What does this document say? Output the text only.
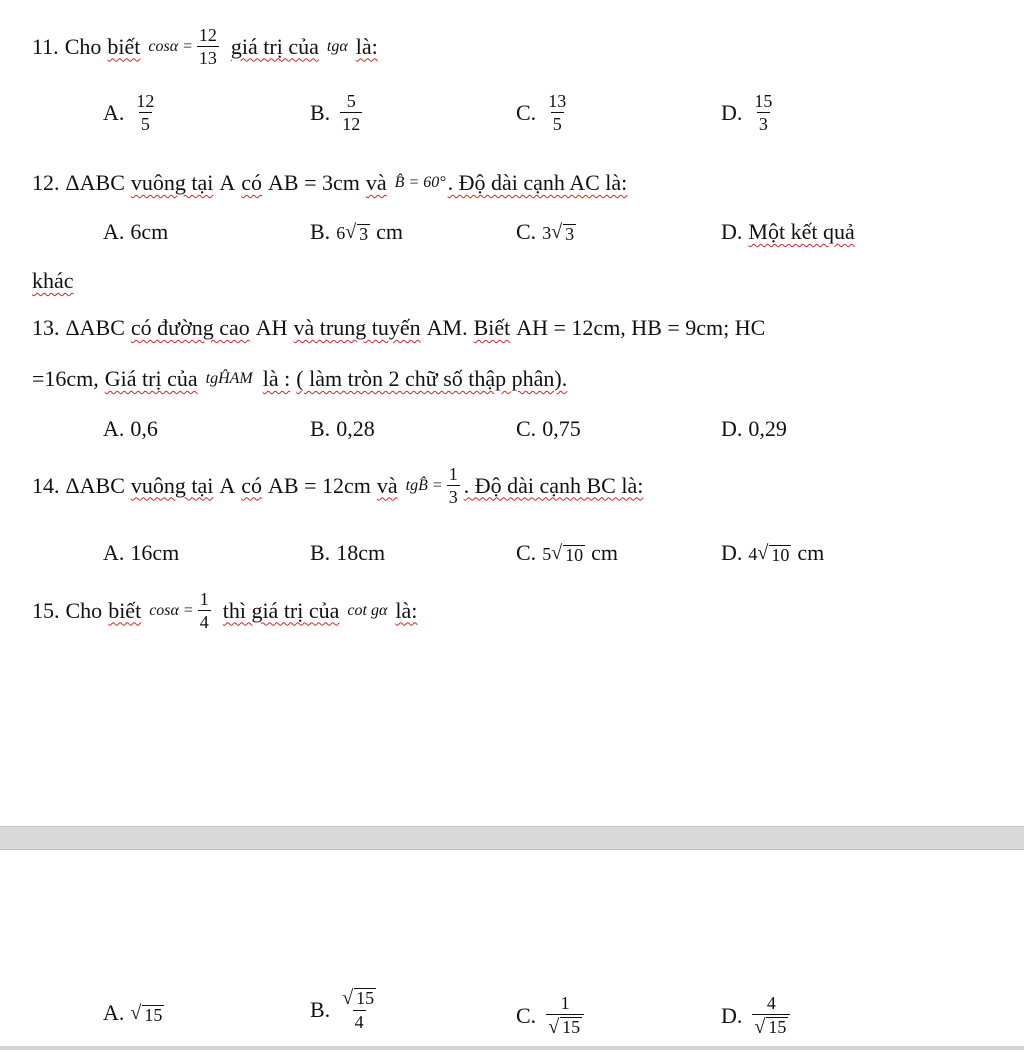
11. Cho biết $\cos\alpha = \frac{12}{13}$ giá trị của tgα là:
A. $\frac{12}{5}$	B. $\frac{5}{12}$	C. $\frac{13}{5}$	D. $\frac{15}{3}$
12. ΔABC vuông tại A có AB = 3cm và B̂ = 60° . Độ dài cạnh AC là:
A. 6cm	B. 6 √ 3 cm	C. 3 √ 3	D. Một kết quả
khác
13. ΔABC có đường cao AH và trung tuyến AM. Biết AH = 12cm, HB = 9cm; HC
=16cm, Giá trị của tgĤAM là : ( làm tròn 2 chữ số thập phân).
A. 0,6	B. 0,28	C. 0,75	D. 0,29
14. ΔABC vuông tại A có AB = 12cm và tgB̂ = $\frac{1}{3}$ . Độ dài cạnh BC là:
A. 16cm	B. 18cm	C. 5 √ 10 cm	D. 4 √ 10 cm
15. Cho biết $\cos\alpha = \frac{1}{4}$ thì giá trị của cot gα là:
A. √ 15	B. $\frac{√ 15}{4}$	C. $\frac{1}{√ 15}$	D. $\frac{4}{√ 15}$
